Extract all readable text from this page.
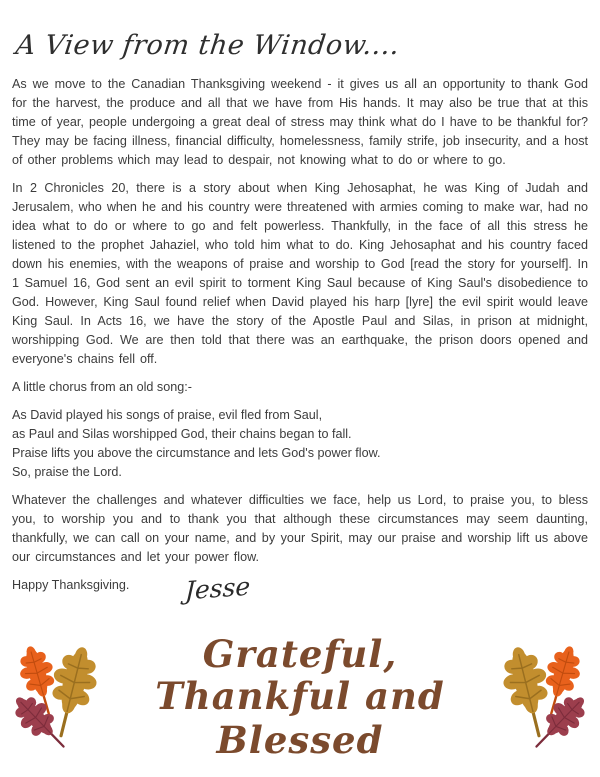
A View from the Window....

As we move to the Canadian Thanksgiving weekend - it gives us all an opportunity to thank God for the harvest, the produce and all that we have from His hands. It may also be true that at this time of year, people undergoing a great deal of stress may think what do I have to be thankful for? They may be facing illness, financial difficulty, homelessness, family strife, job insecurity, and a host of other problems which may lead to despair, not knowing what to do or where to go.

In 2 Chronicles 20, there is a story about when King Jehosaphat, he was King of Judah and Jerusalem, who when he and his country were threatened with armies coming to make war, had no idea what to do or where to go and felt powerless. Thankfully, in the face of all this stress he listened to the prophet Jahaziel, who told him what to do. King Jehosaphat and his country faced down his enemies, with the weapons of praise and worship to God [read the story for yourself]. In 1 Samuel 16, God sent an evil spirit to torment King Saul because of King Saul's disobedience to God. However, King Saul found relief when David played his harp [lyre] the evil spirit would leave King Saul. In Acts 16, we have the story of the Apostle Paul and Silas, in prison at midnight, worshipping God. We are then told that there was an earthquake, the prison doors opened and everyone's chains fell off.

A little chorus from an old song:-

As David played his songs of praise, evil fled from Saul,
as Paul and Silas worshipped God, their chains began to fall.
Praise lifts you above the circumstance and lets God's power flow.
So, praise the Lord.

Whatever the challenges and whatever difficulties we face, help us Lord, to praise you, to bless you, to worship you and to thank you that although these circumstances may seem daunting, thankfully, we can call on your name, and by your Spirit, may our praise and worship lift us above our circumstances and let your power flow.

Happy Thanksgiving. Jesse
Grateful,
Thankful and Blessed
